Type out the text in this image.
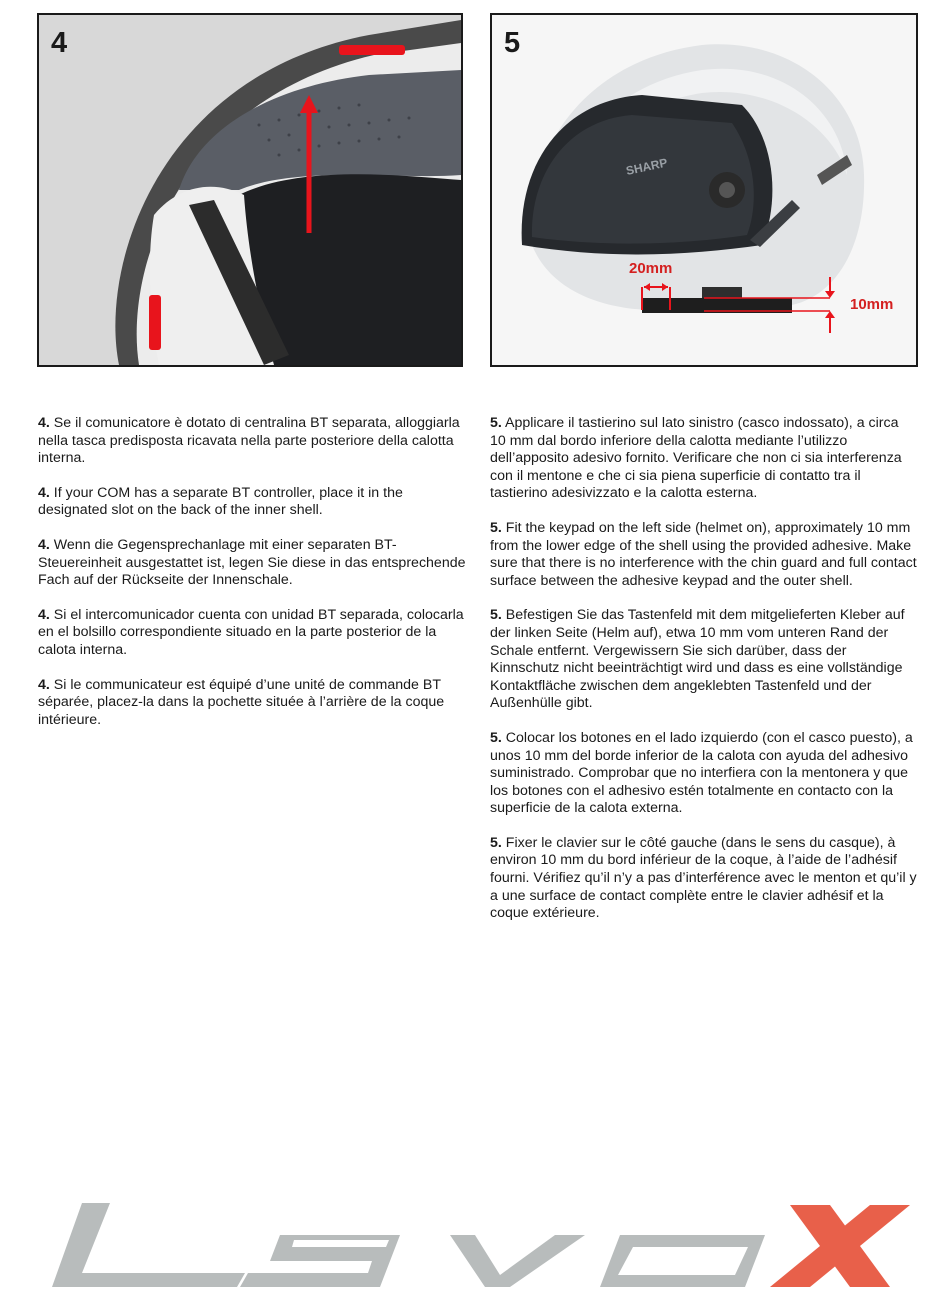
4	5
SHARP
20mm
10mm

4. Se il comunicatore è dotato di centralina BT separata, alloggiarla nella tasca predisposta ricavata nella parte posteriore della calotta interna.

4. If your COM has a separate BT controller, place it in the designated slot on the back of the inner shell.

4. Wenn die Gegensprechanlage mit einer separaten BT-Steuereinheit ausgestattet ist, legen Sie diese in das entsprechende Fach auf der Rückseite der Innenschale.

4. Si el intercomunicador cuenta con unidad BT separada, colocarla en el bolsillo correspondiente situado en la parte posterior de la calota interna.

4. Si le communicateur est équipé d’une unité de commande BT séparée, placez-la dans la pochette située à l’arrière de la coque intérieure.

5. Applicare il tastierino sul lato sinistro (casco indossato), a circa 10 mm dal bordo inferiore della calotta mediante l’utilizzo dell’apposito adesivo fornito. Verificare che non ci sia interferenza con il mentone e che ci sia piena superficie di contatto tra il tastierino adesivizzato e la calotta esterna.

5. Fit the keypad on the left side (helmet on), approximately 10 mm from the lower edge of the shell using the provided adhesive. Make sure that there is no interference with the chin guard and full contact surface between the adhesive keypad and the outer shell.

5. Befestigen Sie das Tastenfeld mit dem mitgelieferten Kleber auf der linken Seite (Helm auf), etwa 10 mm vom unteren Rand der Schale entfernt. Vergewissern Sie sich darüber, dass der Kinnschutz nicht beeinträchtigt wird und dass es eine vollständige Kontaktfläche zwischen dem angeklebten Tastenfeld und der Außenhülle gibt.

5. Colocar los botones en el lado izquierdo (con el casco puesto), a unos 10 mm del borde inferior de la calota con ayuda del adhesivo suministrado. Comprobar que no interfiera con la mentonera y que los botones con el adhesivo estén totalmente en contacto con la superficie de la calota externa.

5. Fixer le clavier sur le côté gauche (dans le sens du casque), à environ 10 mm du bord inférieur de la coque, à l’aide de l’adhésif fourni. Vérifiez qu’il n’y a pas d’interférence avec le menton et qu’il y a une surface de contact complète entre le clavier adhésif et la coque extérieure.
